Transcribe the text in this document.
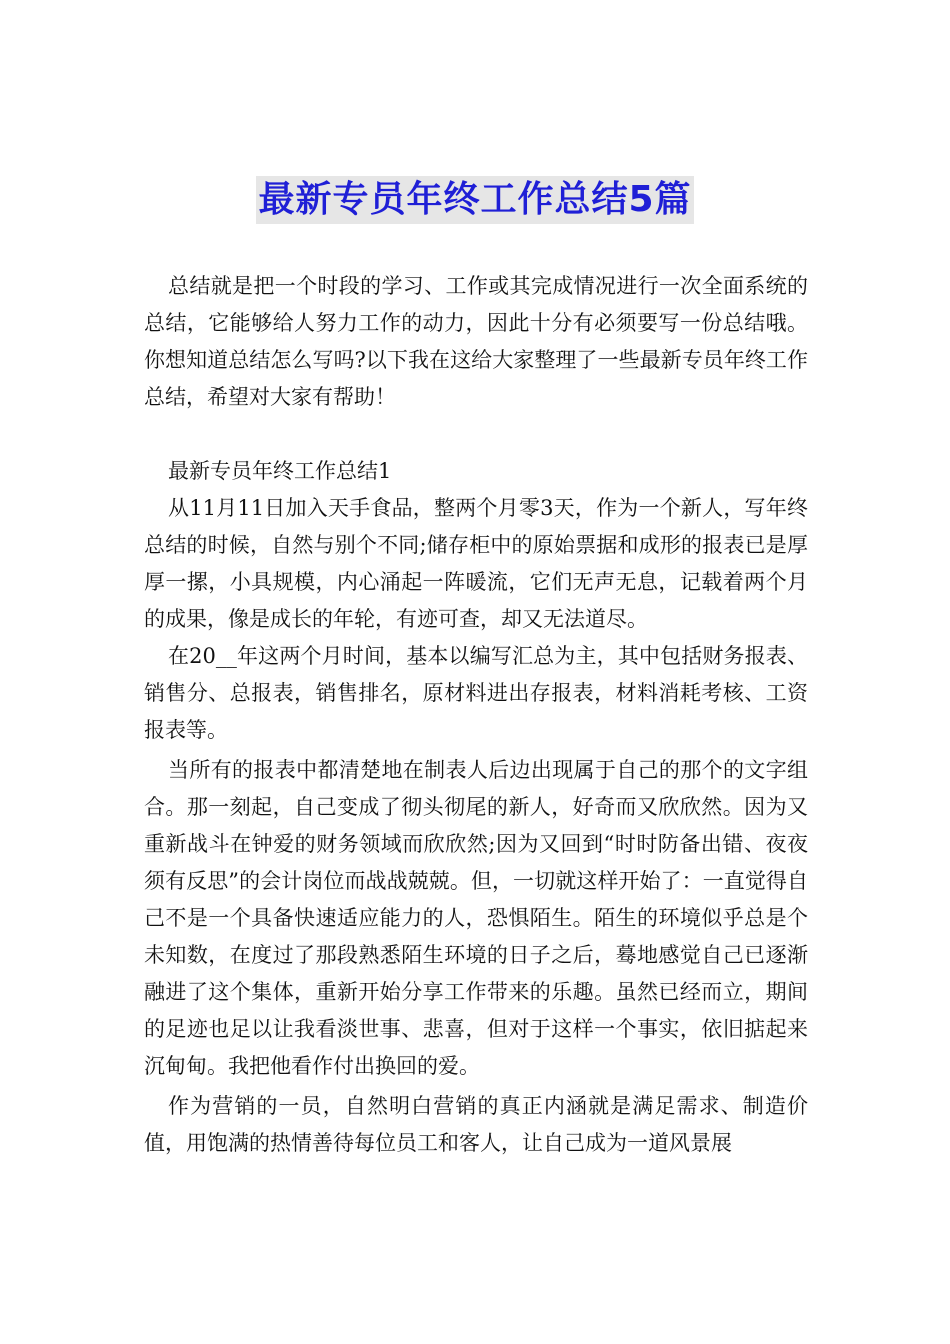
最新专员年终工作总结5篇

总结就是把一个时段的学习、工作或其完成情况进行一次全面系统的总结，它能够给人努力工作的动力，因此十分有必须要写一份总结哦。你想知道总结怎么写吗?以下我在这给大家整理了一些最新专员年终工作总结，希望对大家有帮助！

最新专员年终工作总结1

从11月11日加入天手食品，整两个月零3天，作为一个新人，写年终总结的时候，自然与别个不同;储存柜中的原始票据和成形的报表已是厚厚一摞，小具规模，内心涌起一阵暖流，它们无声无息，记载着两个月的成果，像是成长的年轮，有迹可查，却又无法道尽。

在20__年这两个月时间，基本以编写汇总为主，其中包括财务报表、销售分、总报表，销售排名，原材料进出存报表，材料消耗考核、工资报表等。

当所有的报表中都清楚地在制表人后边出现属于自己的那个的文字组合。那一刻起，自己变成了彻头彻尾的新人，好奇而又欣欣然。因为又重新战斗在钟爱的财务领域而欣欣然;因为又回到“时时防备出错、夜夜须有反思”的会计岗位而战战兢兢。但，一切就这样开始了：一直觉得自己不是一个具备快速适应能力的人，恐惧陌生。陌生的环境似乎总是个未知数，在度过了那段熟悉陌生环境的日子之后，蓦地感觉自己已逐渐融进了这个集体，重新开始分享工作带来的乐趣。虽然已经而立，期间的足迹也足以让我看淡世事、悲喜，但对于这样一个事实，依旧掂起来沉甸甸。我把他看作付出换回的爱。

作为营销的一员，自然明白营销的真正内涵就是满足需求、制造价值，用饱满的热情善待每位员工和客人，让自己成为一道风景展
